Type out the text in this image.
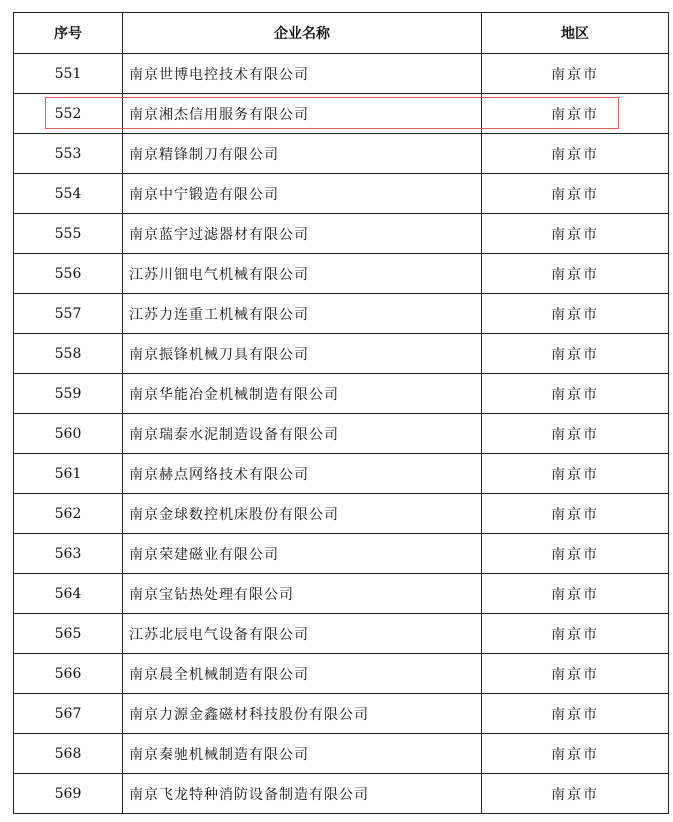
序号	企业名称	地区
551	南京世博电控技术有限公司	南京市
552	南京湘杰信用服务有限公司	南京市
553	南京精锋制刀有限公司	南京市
554	南京中宁锻造有限公司	南京市
555	南京蓝宇过滤器材有限公司	南京市
556	江苏川钿电气机械有限公司	南京市
557	江苏力连重工机械有限公司	南京市
558	南京振锋机械刀具有限公司	南京市
559	南京华能冶金机械制造有限公司	南京市
560	南京瑞泰水泥制造设备有限公司	南京市
561	南京赫点网络技术有限公司	南京市
562	南京金球数控机床股份有限公司	南京市
563	南京荣建磁业有限公司	南京市
564	南京宝钻热处理有限公司	南京市
565	江苏北辰电气设备有限公司	南京市
566	南京晨全机械制造有限公司	南京市
567	南京力源金鑫磁材科技股份有限公司	南京市
568	南京秦驰机械制造有限公司	南京市
569	南京飞龙特种消防设备制造有限公司	南京市
